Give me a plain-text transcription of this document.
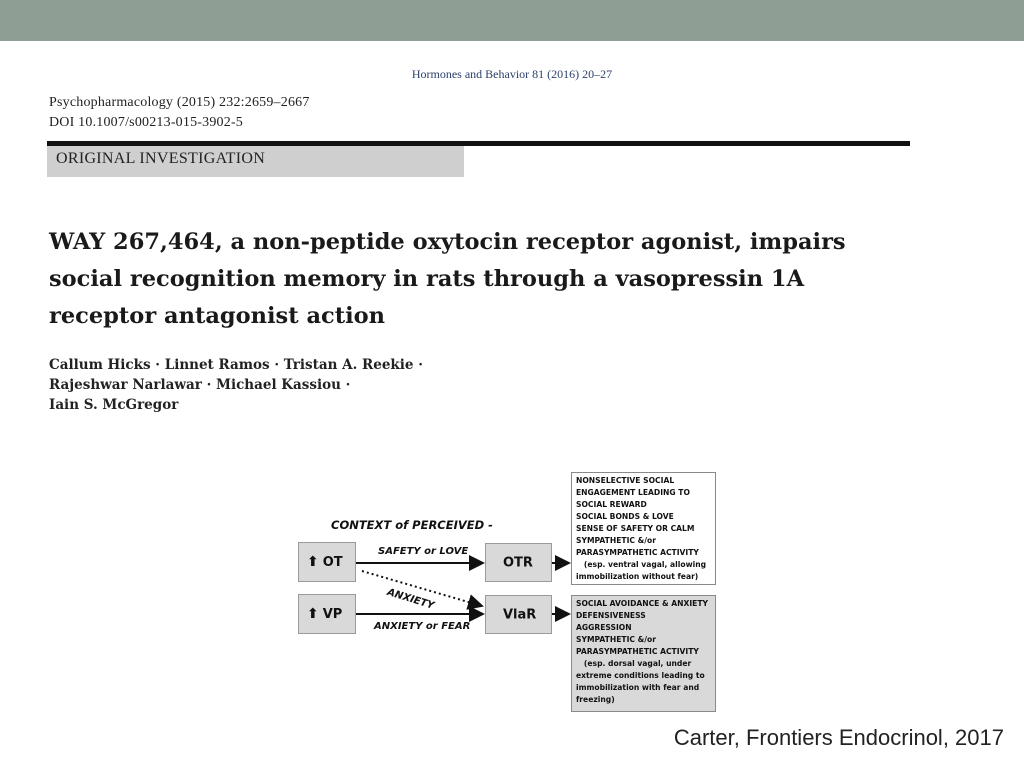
Hormones and Behavior 81 (2016) 20–27
Psychopharmacology (2015) 232:2659–2667
DOI 10.1007/s00213-015-3902-5
ORIGINAL INVESTIGATION
WAY 267,464, a non-peptide oxytocin receptor agonist, impairs
social recognition memory in rats through a vasopressin 1A
receptor antagonist action
Callum Hicks · Linnet Ramos · Tristan A. Reekie ·
Rajeshwar Narlawar · Michael Kassiou ·
Iain S. McGregor
CONTEXT of PERCEIVED -
⬆ OT
⬆ VP
OTR
VlaR
SAFETY or LOVE
ANXIETY
ANXIETY or FEAR
NONSELECTIVE SOCIAL
ENGAGEMENT LEADING TO
SOCIAL REWARD
SOCIAL BONDS & LOVE
SENSE OF SAFETY OR CALM
SYMPATHETIC &/or
PARASYMPATHETIC ACTIVITY
(esp. ventral vagal, allowing
immobilization without fear)
SOCIAL AVOIDANCE & ANXIETY
DEFENSIVENESS
AGGRESSION
SYMPATHETIC &/or
PARASYMPATHETIC ACTIVITY
(esp. dorsal vagal, under
extreme conditions leading to
immobilization with fear and
freezing)
Carter, Frontiers Endocrinol, 2017
